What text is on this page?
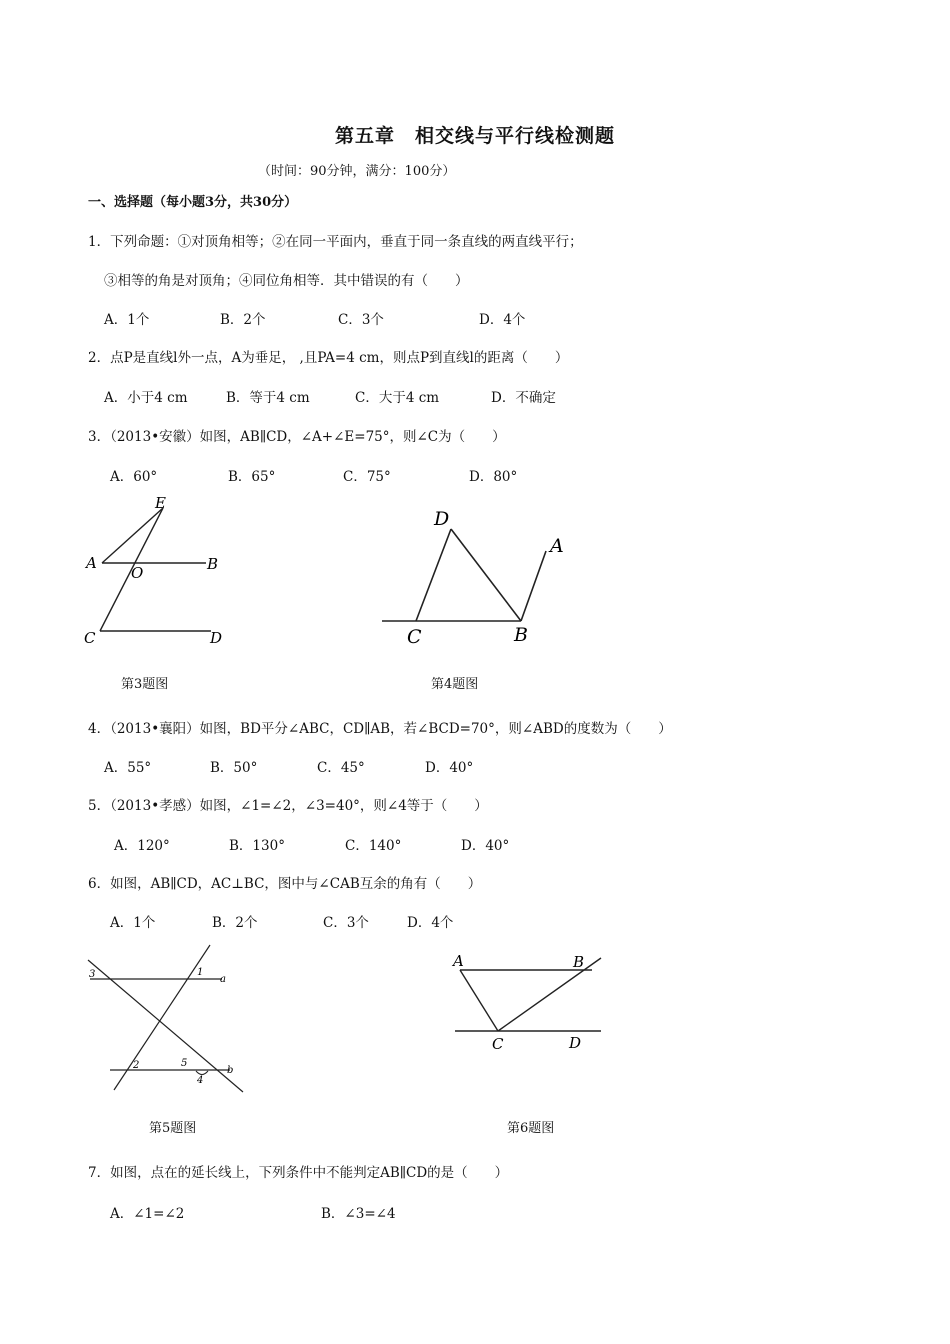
第五章　相交线与平行线检测题
（时间：90分钟，满分：100分）
一、选择题（每小题3分，共30分）
1．下列命题：①对顶角相等；②在同一平面内，垂直于同一条直线的两直线平行；
③相等的角是对顶角；④同位角相等．其中错误的有（　　）
A．1个	B．2个	C．3个	D．4个
2．点P是直线l外一点，A为垂足， ,且PA=4 cm，则点P到直线l的距离（　　）
A．小于4 cm	B．等于4 cm	C．大于4 cm	D．不确定
3．（2013•安徽）如图，AB∥CD，∠A+∠E=75°，则∠C为（　　）
A．60°	B．65°	C．75°	D．80°
E
A
O	B
C	D
第3题图
D
A
C	B
第4题图
4．（2013•襄阳）如图，BD平分∠ABC，CD∥AB，若∠BCD=70°，则∠ABD的度数为（　　）
A．55°	B．50°	C．45°	D．40°
5．（2013•孝感）如图，∠1=∠2，∠3=40°，则∠4等于（　　）
A．120°	B．130°	C．140°	D．40°
6．如图，AB∥CD，AC⊥BC，图中与∠CAB互余的角有（　　）
A．1个	B．2个	C．3个	D．4个
3	1
a
2	5
4
b
第5题图
A	B
C	D
第6题图
7．如图，点在的延长线上，下列条件中不能判定AB∥CD的是（　　）
A．∠1=∠2	B．∠3=∠4
